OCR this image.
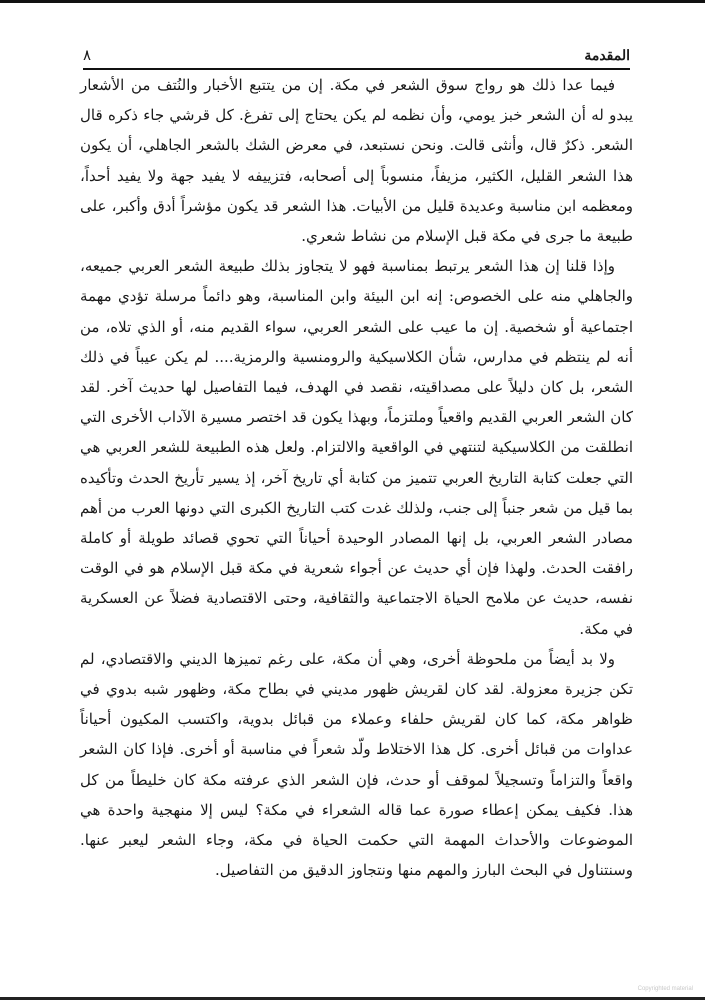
المقدمة
٨

فيما عدا ذلك هو رواج سوق الشعر في مكة. إن من يتتبع الأخبار والنُتف من الأشعار يبدو له أن الشعر خبز يومي، وأن نظمه لم يكن يحتاج إلى تفرغ. كل قرشي جاء ذكره قال الشعر. ذكرٌ قال، وأنثى قالت. ونحن نستبعد، في معرض الشك بالشعر الجاهلي، أن يكون هذا الشعر القليل، الكثير، مزيفاً، منسوباً إلى أصحابه، فتزييفه لا يفيد جهة ولا يفيد أحداً، ومعظمه ابن مناسبة وعديدة قليل من الأبيات. هذا الشعر قد يكون مؤشراً أدق وأكبر، على طبيعة ما جرى في مكة قبل الإسلام من نشاط شعري.

وإذا قلنا إن هذا الشعر يرتبط بمناسبة فهو لا يتجاوز بذلك طبيعة الشعر العربي جميعه، والجاهلي منه على الخصوص: إنه ابن البيئة وابن المناسبة، وهو دائماً مرسلة تؤدي مهمة اجتماعية أو شخصية. إن ما عيب على الشعر العربي، سواء القديم منه، أو الذي تلاه، من أنه لم ينتظم في مدارس، شأن الكلاسيكية والرومنسية والرمزية.... لم يكن عيباً في ذلك الشعر، بل كان دليلاً على مصداقيته، نقصد في الهدف، فيما التفاصيل لها حديث آخر. لقد كان الشعر العربي القديم واقعياً وملتزماً، وبهذا يكون قد اختصر مسيرة الآداب الأخرى التي انطلقت من الكلاسيكية لتنتهي في الواقعية والالتزام. ولعل هذه الطبيعة للشعر العربي هي التي جعلت كتابة التاريخ العربي تتميز من كتابة أي تاريخ آخر، إذ يسير تأريخ الحدث وتأكيده بما قيل من شعر جنباً إلى جنب، ولذلك غدت كتب التاريخ الكبرى التي دونها العرب من أهم مصادر الشعر العربي، بل إنها المصادر الوحيدة أحياناً التي تحوي قصائد طويلة أو كاملة رافقت الحدث. ولهذا فإن أي حديث عن أجواء شعرية في مكة قبل الإسلام هو في الوقت نفسه، حديث عن ملامح الحياة الاجتماعية والثقافية، وحتى الاقتصادية فضلاً عن العسكرية في مكة.

ولا بد أيضاً من ملحوظة أخرى، وهي أن مكة، على رغم تميزها الديني والاقتصادي، لم تكن جزيرة معزولة. لقد كان لقريش ظهور مديني في بطاح مكة، وظهور شبه بدوي في ظواهر مكة، كما كان لقريش حلفاء وعملاء من قبائل بدوية، واكتسب المكيون أحياناً عداوات من قبائل أخرى. كل هذا الاختلاط ولّد شعراً في مناسبة أو أخرى. فإذا كان الشعر واقعاً والتزاماً وتسجيلاً لموقف أو حدث، فإن الشعر الذي عرفته مكة كان خليطاً من كل هذا. فكيف يمكن إعطاء صورة عما قاله الشعراء في مكة؟ ليس إلا منهجية واحدة هي الموضوعات والأحداث المهمة التي حكمت الحياة في مكة، وجاء الشعر ليعبر عنها. وسنتناول في البحث البارز والمهم منها ونتجاوز الدقيق من التفاصيل.

Copyrighted material
